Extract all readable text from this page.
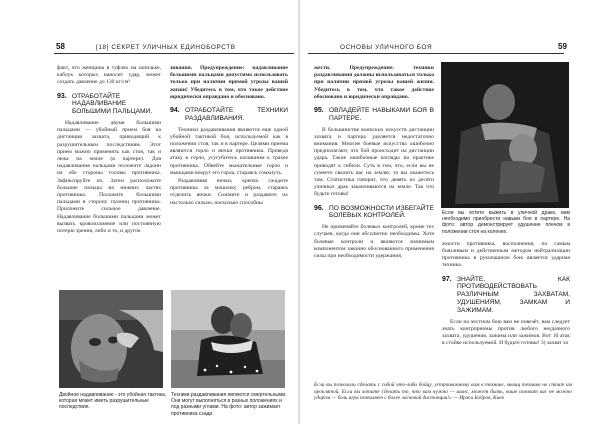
58	[18] СЕКРЕТ УЛИЧНЫХ ЕДИНОБОРСТВ

факт, что женщина в туфлях на шпильке, каблук которых наносит удар, может создать давление до 130 кг/см²

93. ОТРАБОТАЙТЕ НАДАВЛИВАНИЕ БОЛЬШИМИ ПАЛЬЦАМИ.

Надавливание двумя большими пальцами — убойный прием боя на дистанции захвата, приводящий к разрушительным последствиям. Этот прием можно применять как стоя, так и лежа на земле (в партере). Для надавливания пальцами положите ладони на обе стороны головы противника. Зафиксируйте их. Затем расположите большие пальцы на нижних частях противника. Положите большими пальцами в сторону глазниц противника. Приложите сильное давление. Надавливание большими пальцами может вызвать кровоизлияние или постоянную потерю зрения, либо и то, и другое.

зивания. Предупреждение: надавливание большими пальцами допустимо использовать только при наличии прямой угрозы вашей жизни! Убедитесь в том, что такое действие юридически оправдано и обосновано.

94. ОТРАБОТАЙТЕ ТЕХНИКИ РАЗДАВЛИВАНИЯ.

Техники раздавливания являются еще одной убойной тактикой боя, используемой как в положении стоя, так и в партере. Целями приема являются горло и яички противника. Проведя атаку в горло, усугубитесь излишним к трахее противника. Обвейте мыжательные горло и мышцами вокруг его горла, стараясь сомкнуть.

Раздавливая яички, крепко сжадите противника за мошонку ребром, стараясь отделить яички. Сожмите и раздавите их настолько сильно, насколько способны

Двойное надавливание - это убойная тактика, которая может иметь разрушительные последствия.
Техники раздавливания являются смертельными. Они могут выполняться в разных положениях и под разными углами. На фото: автор зажимает противника сзади.
ОСНОВЫ УЛИЧНОГО БОЯ	59

жести. Предупреждение: техники раздавливания должны использоваться только при наличии прямой угрозы вашей жизни. Убедитесь в том, что такое действие обосновано и юридически оправдано.

95. ОВЛАДЕЙТЕ НАВЫКАМИ БОЯ В ПАРТЕРЕ.

В большинстве воинских искусств дистанции захвата и партера уделяется недостаточно внимания. Многие боевые искусства ошибочно предполагают, что бой происходит на дистанции удара. Такие ошибочные взгляды на практике приводят к гибели. Суть в том, что, если вы не сумеете свалить вас на землю, то вы окажетесь там. Статистика говорит, что девять из десяти уличных драк заканчиваются на земле. Так что будьте готовы!

96. ПО ВОЗМОЖНОСТИ ИЗБЕГАЙТЕ БОЛЕВЫХ КОНТРОЛЕЙ.

Не применяйте болевых контролей, кроме тех случаев, когда они абсолютно необходимы. Хотя болевые контроли и являются значимым компонентом законно обоснованного применения силы при необходимости удержания,

Если вы хотите выжить в уличной драке, вам необходимо приобрести навыки боя в партере. На фото: автор демонстрирует удушение плечом в положении стоя на коленях.

жности противника, восполнения, по самым боязливым и действенным методом нейтрализации противника в рукопашном бою является ударная техника.

97. ЗНАЙТЕ, КАК ПРОТИВОДЕЙСТВОВАТЬ РАЗЛИЧНЫМ ЗАХВАТАМ, УДУШЕНИЯМ, ЗАМКАМ И ЗАЖИМАМ.

Если на честном бою вам не повезёт, вам следует знать контрприемы против любого неудачного захвата, удушения, зажима или зажимов. Вот 10 атак в стойке используемой. И будьте готовы! 3) захват за

Если вы позволили сделать с собой что-либо бойцу, устраиваемому вам в технике, мышц техника не стоит им проклятой. Если вы хотите сделать то, что вам нужно — шанс, может быть, ваше позовит вас не можно ударом — боль игра позволяет с более ласковой дистанции!» — Иржи Бобров, Киев
